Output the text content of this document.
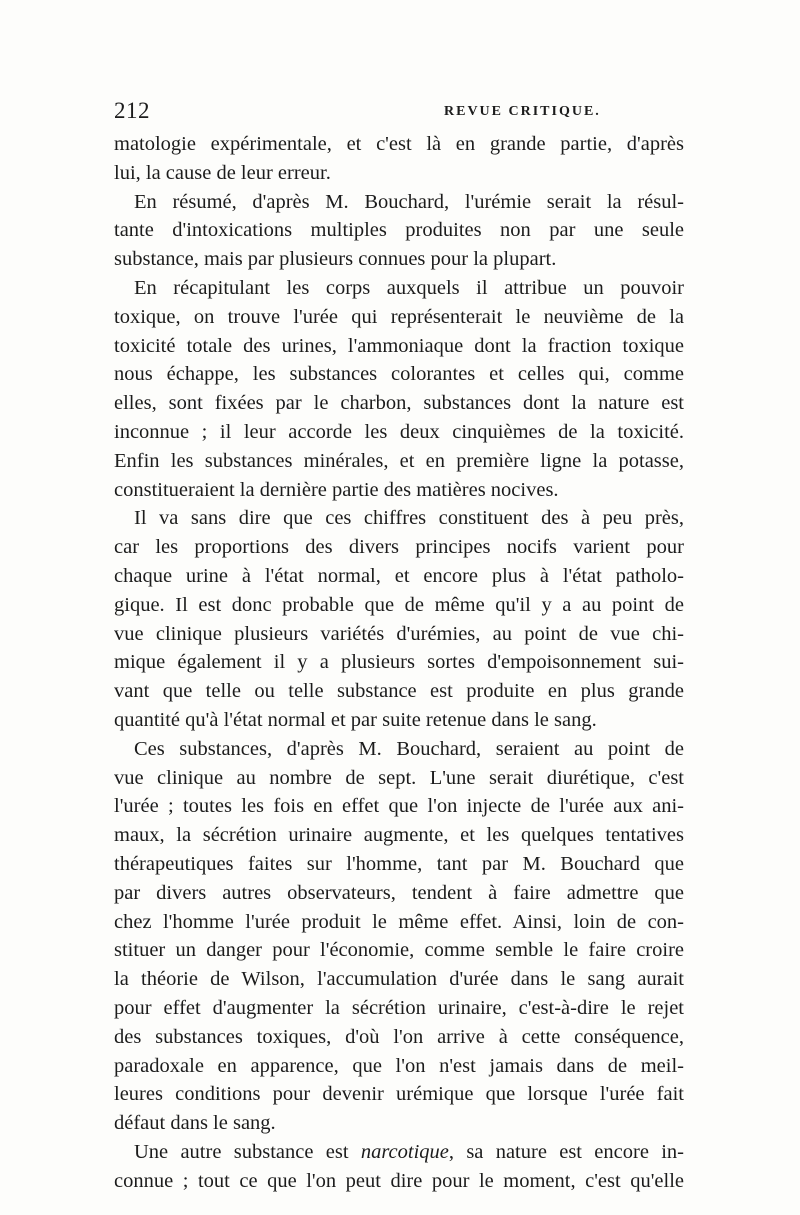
212	REVUE CRITIQUE.
matologie expérimentale, et c'est là en grande partie, d'après
lui, la cause de leur erreur.
En résumé, d'après M. Bouchard, l'urémie serait la résul-
tante d'intoxications multiples produites non par une seule
substance, mais par plusieurs connues pour la plupart.
En récapitulant les corps auxquels il attribue un pouvoir
toxique, on trouve l'urée qui représenterait le neuvième de la
toxicité totale des urines, l'ammoniaque dont la fraction toxique
nous échappe, les substances colorantes et celles qui, comme
elles, sont fixées par le charbon, substances dont la nature est
inconnue ; il leur accorde les deux cinquièmes de la toxicité.
Enfin les substances minérales, et en première ligne la potasse,
constitueraient la dernière partie des matières nocives.
Il va sans dire que ces chiffres constituent des à peu près,
car les proportions des divers principes nocifs varient pour
chaque urine à l'état normal, et encore plus à l'état patholo-
gique. Il est donc probable que de même qu'il y a au point de
vue clinique plusieurs variétés d'urémies, au point de vue chi-
mique également il y a plusieurs sortes d'empoisonnement sui-
vant que telle ou telle substance est produite en plus grande
quantité qu'à l'état normal et par suite retenue dans le sang.
Ces substances, d'après M. Bouchard, seraient au point de
vue clinique au nombre de sept. L'une serait diurétique, c'est
l'urée ; toutes les fois en effet que l'on injecte de l'urée aux ani-
maux, la sécrétion urinaire augmente, et les quelques tentatives
thérapeutiques faites sur l'homme, tant par M. Bouchard que
par divers autres observateurs, tendent à faire admettre que
chez l'homme l'urée produit le même effet. Ainsi, loin de con-
stituer un danger pour l'économie, comme semble le faire croire
la théorie de Wilson, l'accumulation d'urée dans le sang aurait
pour effet d'augmenter la sécrétion urinaire, c'est-à-dire le rejet
des substances toxiques, d'où l'on arrive à cette conséquence,
paradoxale en apparence, que l'on n'est jamais dans de meil-
leures conditions pour devenir urémique que lorsque l'urée fait
défaut dans le sang.
Une autre substance est narcotique, sa nature est encore in-
connue ; tout ce que l'on peut dire pour le moment, c'est qu'elle
